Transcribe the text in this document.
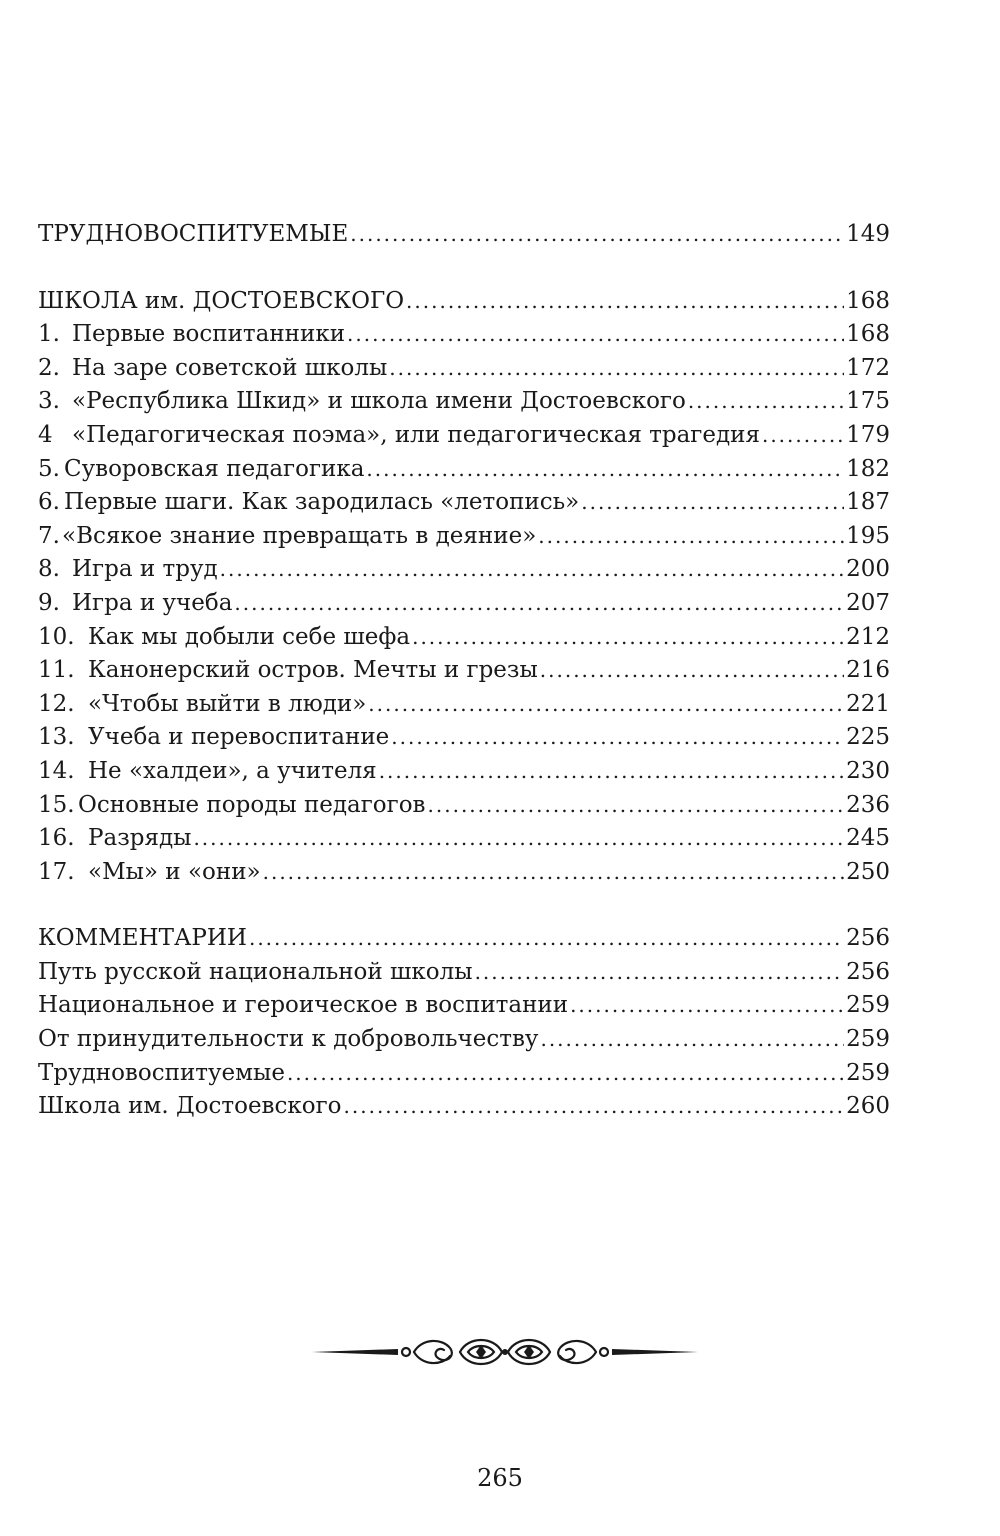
ТРУДНОВОСПИТУЕМЫЕ .....	149
ШКОЛА им. ДОСТОЕВСКОГО .....	168
1. Первые воспитанники .....	168
2. На заре советской школы .....	172
3. «Республика Шкид» и школа имени Достоевского .....	175
4 «Педагогическая поэма», или педагогическая трагедия .....	179
5. Суворовская педагогика .....	182
6. Первые шаги. Как зародилась «летопись» .....	187
7.«Всякое знание превращать в деяние» .....	195
8. Игра и труд .....	200
9. Игра и учеба .....	207
10. Как мы добыли себе шефа .....	212
11. Канонерский остров. Мечты и грезы .....	216
12. «Чтобы выйти в люди» .....	221
13. Учеба и перевоспитание .....	225
14. Не «халдеи», а учителя .....	230
15. Основные породы педагогов .....	236
16. Разряды .....	245
17. «Мы» и «они» .....	250
КОММЕНТАРИИ .....	256
Путь русской национальной школы .....	256
Национальное и героическое в воспитании .....	259
От принудительности к добровольчеству .....	259
Трудновоспитуемые .....	259
Школа им. Достоевского .....	260
265
